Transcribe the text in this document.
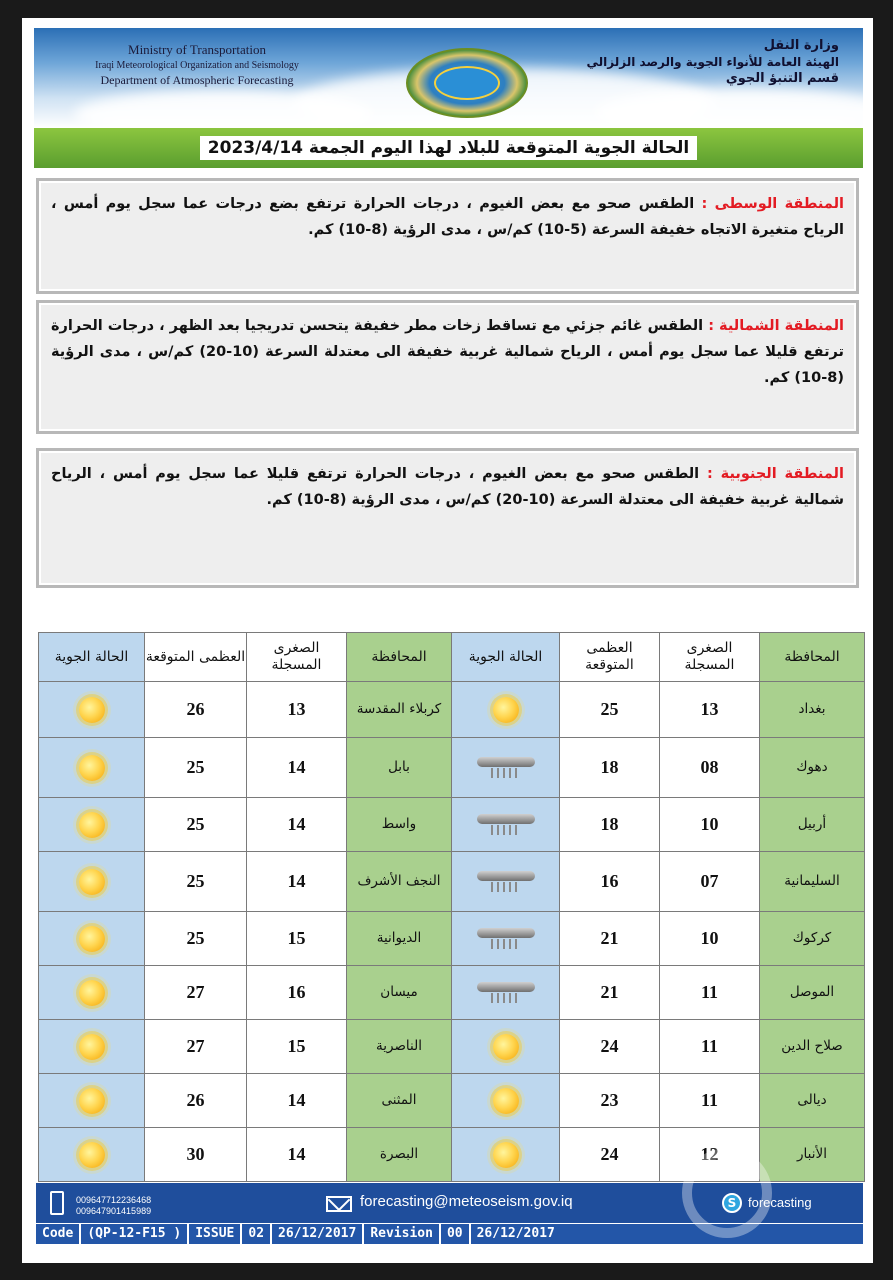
Ministry of Transportation
Iraqi Meteorological Organization and Seismology
Department of Atmospheric Forecasting
وزارة النقل
الهيئة العامة للأنواء الجوية والرصد الزلزالي
قسم التنبؤ الجوي
الحالة الجوية المتوقعة للبلاد لهذا اليوم الجمعة 2023/4/14
المنطقة الوسطى : الطقس صحو مع بعض الغيوم ، درجات الحرارة ترتفع بضع درجات عما سجل يوم أمس ، الرياح متغيرة الاتجاه خفيفة السرعة (5-10) كم/س ، مدى الرؤية (8-10) كم.
المنطقة الشمالية : الطقس غائم جزئي مع تساقط زخات مطر خفيفة يتحسن تدريجيا بعد الظهر ، درجات الحرارة ترتفع قليلا عما سجل يوم أمس ، الرياح شمالية غربية خفيفة الى معتدلة السرعة (10-20) كم/س ، مدى الرؤية (8-10) كم.
المنطقة الجنوبية : الطقس صحو مع بعض الغيوم ، درجات الحرارة ترتفع قليلا عما سجل يوم أمس ، الرياح شمالية غربية خفيفة الى معتدلة السرعة (10-20) كم/س ، مدى الرؤية (8-10) كم.
المحافظة	الصغرى المسجلة	العظمى المتوقعة	الحالة الجوية	المحافظة	الصغرى المسجلة	العظمى المتوقعة	الحالة الجوية
بغداد	13	25		كربلاء المقدسة	13	26	
دهوك	08	18		بابل	14	25	
أربيل	10	18		واسط	14	25	
السليمانية	07	16		النجف الأشرف	14	25	
كركوك	10	21		الديوانية	15	25	
الموصل	11	21		ميسان	16	27	
صلاح الدين	11	24		الناصرية	15	27	
ديالى	11	23		المثنى	14	26	
الأنبار	12	24		البصرة	14	30	
009647712236468
009647901415989
forecasting@meteoseism.gov.iq	S forecasting
Code	(QP-12-F15 )	ISSUE	02	26/12/2017	Revision	00	26/12/2017
